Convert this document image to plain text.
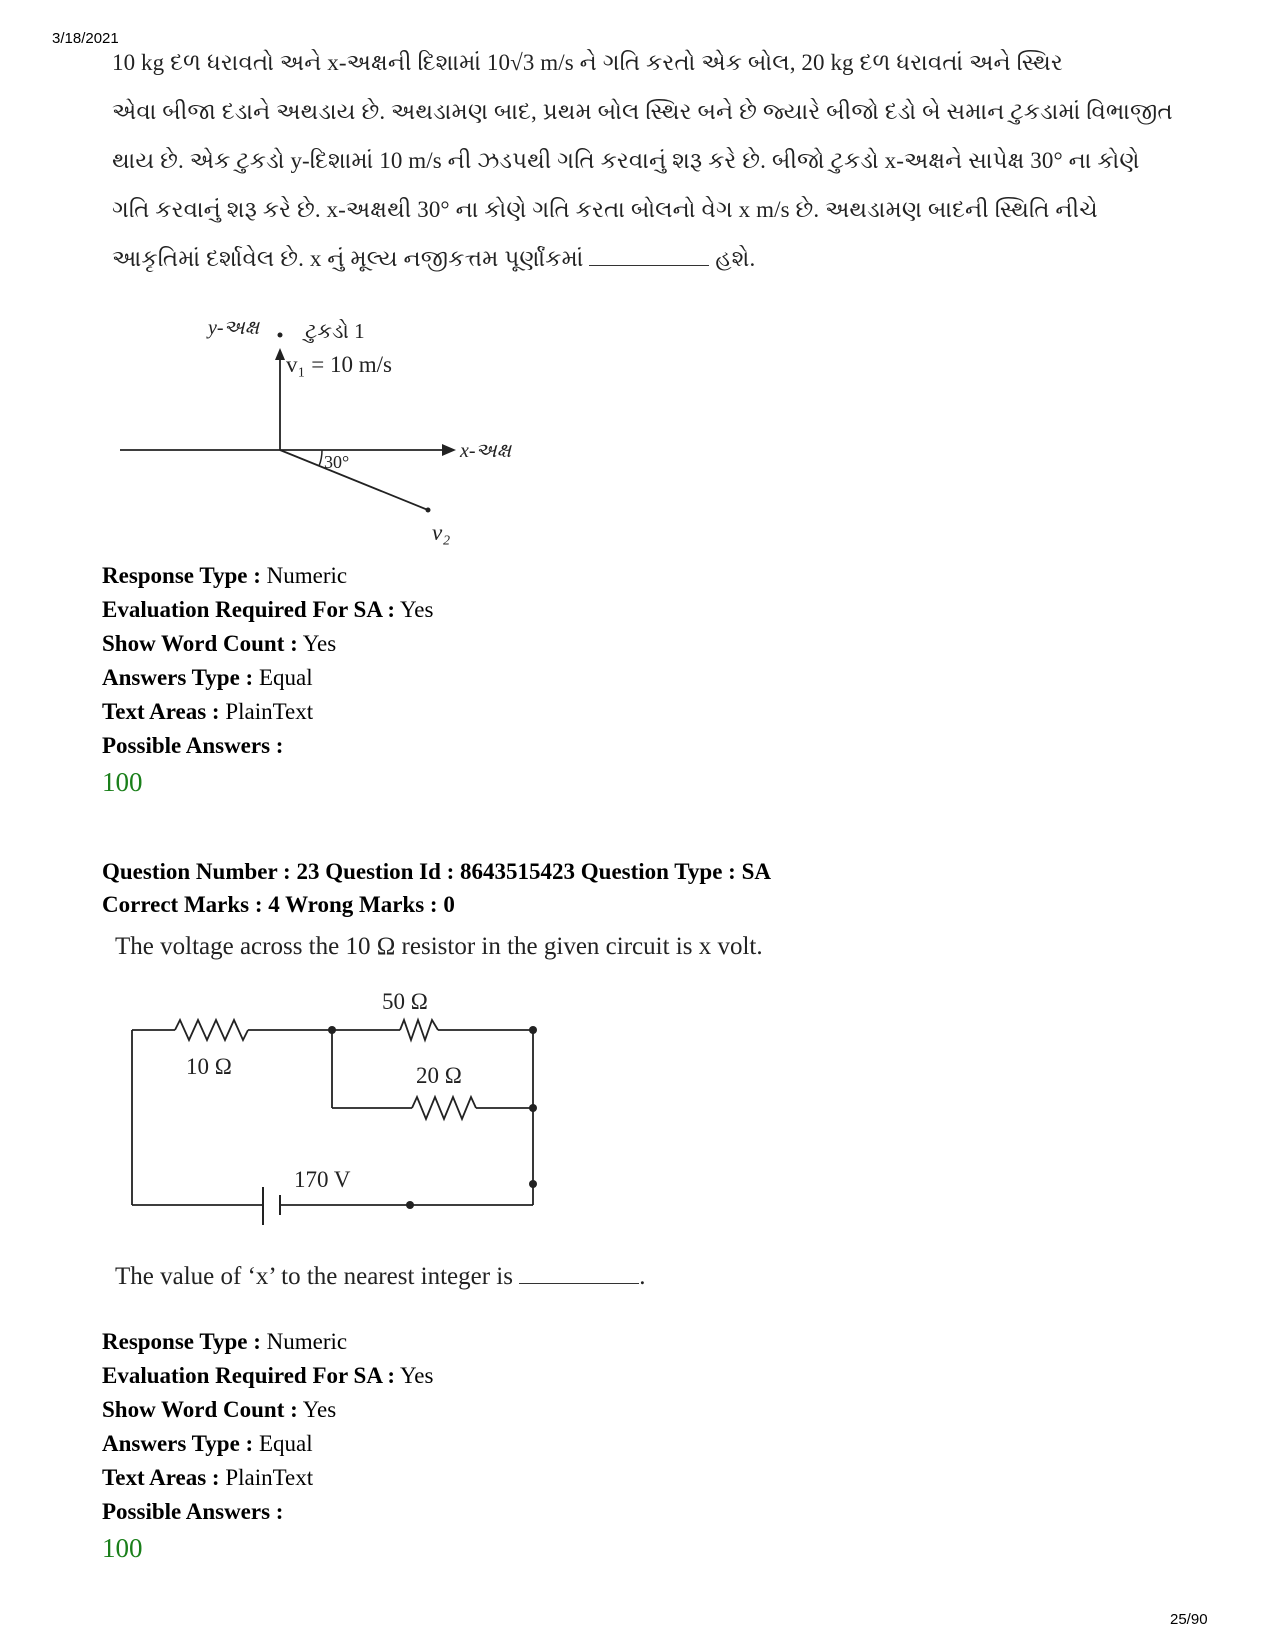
3/18/2021

10 kg દળ ધરાવતો અને x-અક્ષની દિશામાં 10√3 m/s ને ગતિ કરતો એક બોલ, 20 kg દળ ધરાવતાં અને સ્થિર

એવા બીજા દડાને અથડાય છે. અથડામણ બાદ, પ્રથમ બોલ સ્થિર બને છે જ્યારે બીજો દડો બે સમાન ટુકડામાં વિભાજીત

થાય છે. એક ટુકડો y-દિશામાં 10 m/s ની ઝડપથી ગતિ કરવાનું શરૂ કરે છે. બીજો ટુકડો x-અક્ષને સાપેક્ષ 30° ના કોણે

ગતિ કરવાનું શરૂ કરે છે. x-અક્ષથી 30° ના કોણે ગતિ કરતા બોલનો વેગ x m/s છે. અથડામણ બાદની સ્થિતિ નીચે

આકૃતિમાં દર્શાવેલ છે. x નું મૂલ્ય નજીકત્તમ પૂર્ણાંકમાં	હશે.

y-અક્ષ ટુકડો 1
v₁ = 10 m/s
x-અક્ષ
30°
v₂
Response Type : Numeric
Evaluation Required For SA : Yes
Show Word Count : Yes
Answers Type : Equal
Text Areas : PlainText
Possible Answers :
100
Question Number : 23 Question Id : 8643515423 Question Type : SA
Correct Marks : 4 Wrong Marks : 0
The voltage across the 10 Ω resistor in the given circuit is x volt.
50 Ω
20 Ω
10 Ω
170 V
The value of ‘x’ to the nearest integer is	.
Response Type : Numeric
Evaluation Required For SA : Yes
Show Word Count : Yes
Answers Type : Equal
Text Areas : PlainText
Possible Answers :
100
25/90
